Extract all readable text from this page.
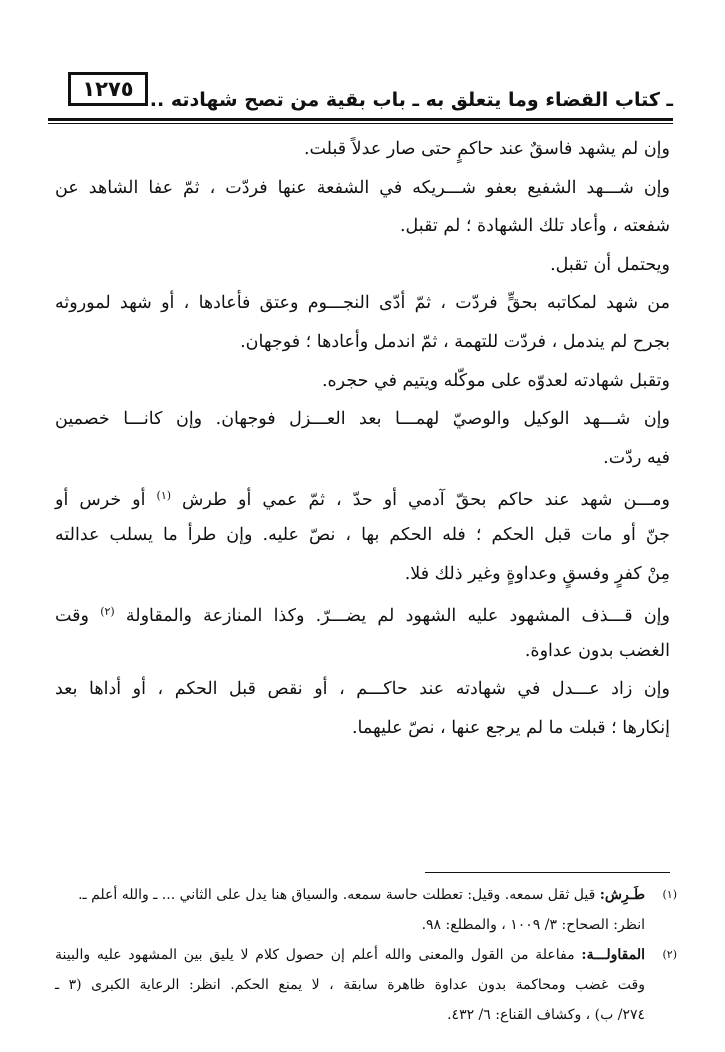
١٢٧٥ ـ كتاب القضاء وما يتعلق به ـ باب بقية من تصح شهادته ..
وإن لم يشهد فاسقٌ عند حاكمٍ حتى صار عدلاً قبلت.
وإن شـــهد الشفيع بعفو شـــريكه في الشفعة عنها فردّت ، ثمّ عفا الشاهد عن
شفعته ، وأعاد تلك الشهادة ؛ لم تقبل.
ويحتمل أن تقبل.
من شهد لمكاتبه بحقٍّ فردّت ، ثمّ أدّى النجـــوم وعتق فأعادها ، أو شهد لموروثه
بجرح لم يندمل ، فردّت للتهمة ، ثمّ اندمل وأعادها ؛ فوجهان.
وتقبل شهادته لعدوّه على موكّله ويتيم في حجره.
وإن شـــهد الوكيل والوصيّ لهمـــا بعد العـــزل فوجهان. وإن كانـــا خصمين
فيه ردّت.
ومـــن شهد عند حاكم بحقّ آدمي أو حدّ ، ثمّ عمي أو طرش $^{(١)}$ أو خرس أو
جنّ أو مات قبل الحكم ؛ فله الحكم بها ، نصّ عليه. وإن طرأ ما يسلب عدالته
مِنْ كفرٍ وفسقٍ وعداوةٍ وغير ذلك فلا.
وإن قـــذف المشهود عليه الشهود لم يضـــرّ. وكذا المنازعة والمقاولة $^{(٢)}$ وقت
الغضب بدون عداوة.
وإن زاد عـــدل في شهادته عند حاكـــم ، أو نقص قبل الحكم ، أو أداها بعد
إنكارها ؛ قبلت ما لم يرجع عنها ، نصّ عليهما.
(١)
طَـرِش: قيل ثقل سمعه. وقيل: تعطلت حاسة سمعه. والسياق هنا يدل على الثاني ... ـ والله أعلم ـ.
انظر: الصحاح: ٣/ ١٠٠٩ ، والمطلع: ٩٨.
(٢)
المقاولـــة: مفاعلة من القول والمعنى والله أعلم إن حصول كلام لا يليق بين المشهود عليه والبينة
وقت غضب ومحاكمة بدون عداوة ظاهرة سابقة ، لا يمنع الحكم. انظر: الرعاية الكبرى (٣ ـ
٢٧٤/ ب) ، وكشاف القناع: ٦/ ٤٣٢.
